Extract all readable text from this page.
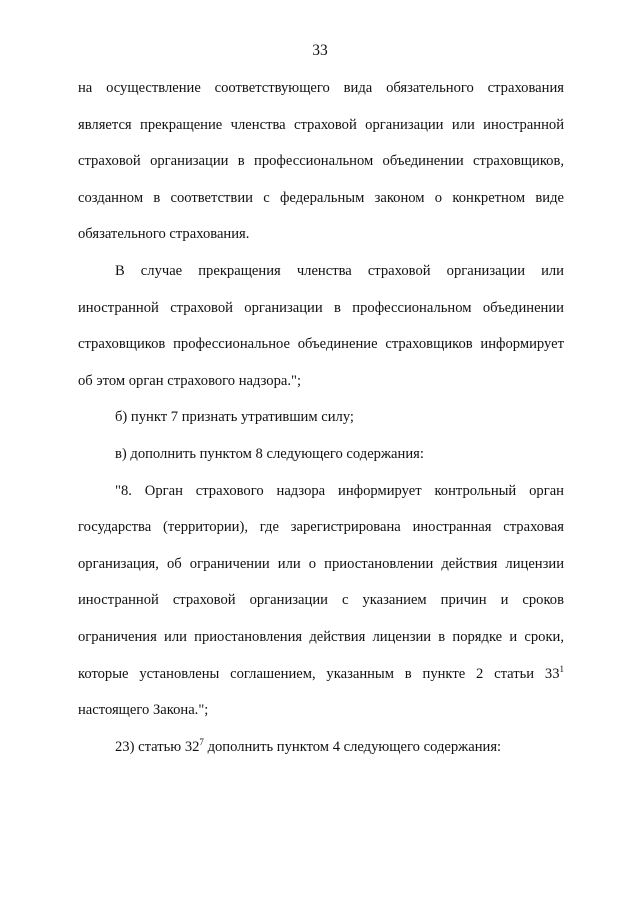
33
на осуществление соответствующего вида обязательного страхования
является прекращение членства страховой организации или иностранной
страховой организации в профессиональном объединении страховщиков,
созданном в соответствии с федеральным законом о конкретном виде
обязательного страхования.
В случае прекращения членства страховой организации или
иностранной страховой организации в профессиональном объединении
страховщиков профессиональное объединение страховщиков информирует
об этом орган страхового надзора.";
б) пункт 7 признать утратившим силу;
в) дополнить пунктом 8 следующего содержания:
"8. Орган страхового надзора информирует контрольный орган
государства (территории), где зарегистрирована иностранная страховая
организация, об ограничении или о приостановлении действия лицензии
иностранной страховой организации с указанием причин и сроков
ограничения или приостановления действия лицензии в порядке и сроки,
которые установлены соглашением, указанным в пункте 2 статьи $33^1$
настоящего Закона.";
23) статью $32^7$ дополнить пунктом 4 следующего содержания:
